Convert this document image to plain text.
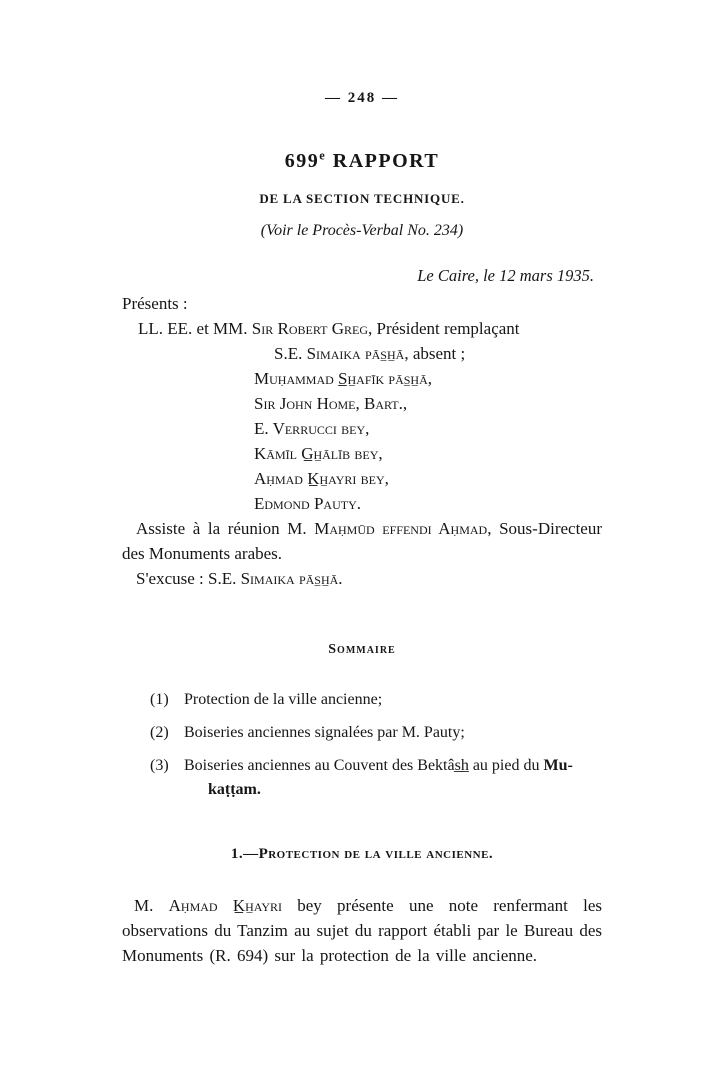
— 248 —
699e RAPPORT
DE LA SECTION TECHNIQUE.
(Voir le Procès-Verbal No. 234)
Le Caire, le 12 mars 1935.
Présents :
LL. EE. et MM. Sir Robert Greg, Président remplaçant
S.E. Simaika pās̲h̲ā, absent ;
Muḥammad S̲h̲afīk pās̲h̲ā,
Sir John Home, Bart.,
E. Verrucci bey,
Kāmīl G̲h̲ālīb bey,
Aḥmad K̲h̲ayri bey,
Edmond Pauty.
Assiste à la réunion M. Maḥmūd effendi Aḥmad, Sous-Directeur des Monuments arabes.
S'excuse : S.E. Simaika pās̲h̲ā.
Sommaire
(1) Protection de la ville ancienne;
(2) Boiseries anciennes signalées par M. Pauty;
(3) Boiseries anciennes au Couvent des Bektâs̲h̲ au pied du Mu-
kaṭṭam.
1.—Protection de la ville ancienne.
M. Aḥmad K̲h̲ayri bey présente une note renfermant les observations du Tanzim au sujet du rapport établi par le Bureau des Monuments (R. 694) sur la protection de la ville ancienne.
